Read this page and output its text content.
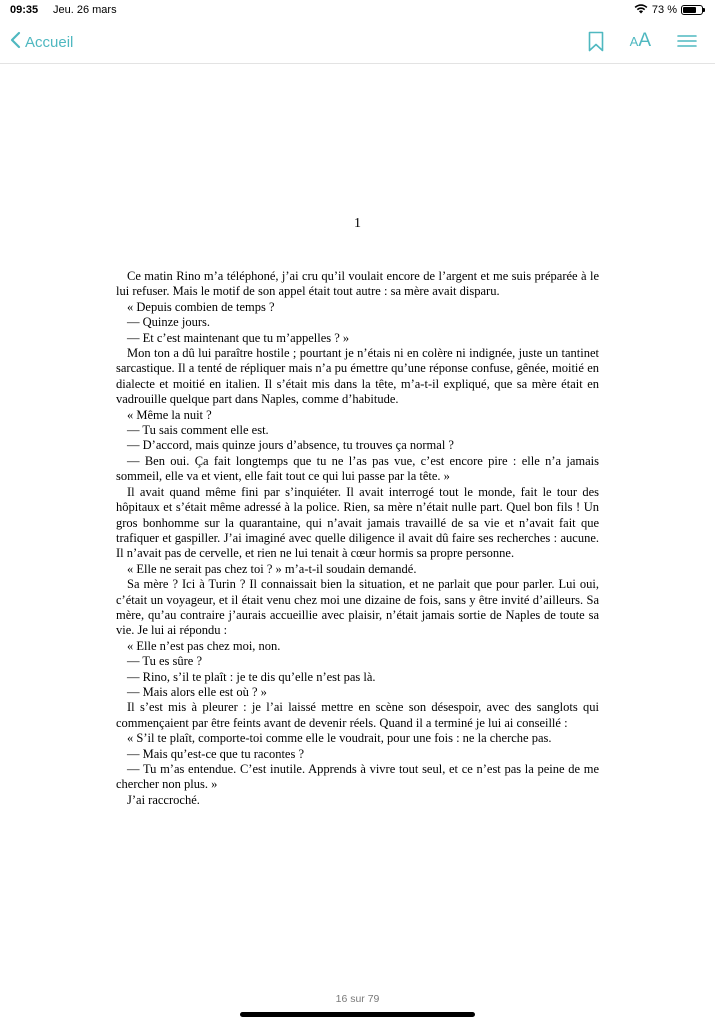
09:35 Jeu. 26 mars	73 %
Accueil	A A
1

Ce matin Rino m’a téléphoné, j’ai cru qu’il voulait encore de l’argent et me suis préparée à le lui refuser. Mais le motif de son appel était tout autre : sa mère avait disparu.

« Depuis combien de temps ?

— Quinze jours.

— Et c’est maintenant que tu m’appelles ? »

Mon ton a dû lui paraître hostile ; pourtant je n’étais ni en colère ni indignée, juste un tantinet sarcastique. Il a tenté de répliquer mais n’a pu émettre qu’une réponse confuse, gênée, moitié en dialecte et moitié en italien. Il s’était mis dans la tête, m’a-t-il expliqué, que sa mère était en vadrouille quelque part dans Naples, comme d’habitude.

« Même la nuit ?

— Tu sais comment elle est.

— D’accord, mais quinze jours d’absence, tu trouves ça normal ?

— Ben oui. Ça fait longtemps que tu ne l’as pas vue, c’est encore pire : elle n’a jamais sommeil, elle va et vient, elle fait tout ce qui lui passe par la tête. »

Il avait quand même fini par s’inquiéter. Il avait interrogé tout le monde, fait le tour des hôpitaux et s’était même adressé à la police. Rien, sa mère n’était nulle part. Quel bon fils ! Un gros bonhomme sur la quarantaine, qui n’avait jamais travaillé de sa vie et n’avait fait que trafiquer et gaspiller. J’ai imaginé avec quelle diligence il avait dû faire ses recherches : aucune. Il n’avait pas de cervelle, et rien ne lui tenait à cœur hormis sa propre personne.

« Elle ne serait pas chez toi ? » m’a-t-il soudain demandé.

Sa mère ? Ici à Turin ? Il connaissait bien la situation, et ne parlait que pour parler. Lui oui, c’était un voyageur, et il était venu chez moi une dizaine de fois, sans y être invité d’ailleurs. Sa mère, qu’au contraire j’aurais accueillie avec plaisir, n’était jamais sortie de Naples de toute sa vie. Je lui ai répondu :

« Elle n’est pas chez moi, non.

— Tu es sûre ?

— Rino, s’il te plaît : je te dis qu’elle n’est pas là.

— Mais alors elle est où ? »

Il s’est mis à pleurer : je l’ai laissé mettre en scène son désespoir, avec des sanglots qui commençaient par être feints avant de devenir réels. Quand il a terminé je lui ai conseillé :

« S’il te plaît, comporte-toi comme elle le voudrait, pour une fois : ne la cherche pas.

— Mais qu’est-ce que tu racontes ?

— Tu m’as entendue. C’est inutile. Apprends à vivre tout seul, et ce n’est pas la peine de me chercher non plus. »

J’ai raccroché.

16 sur 79
